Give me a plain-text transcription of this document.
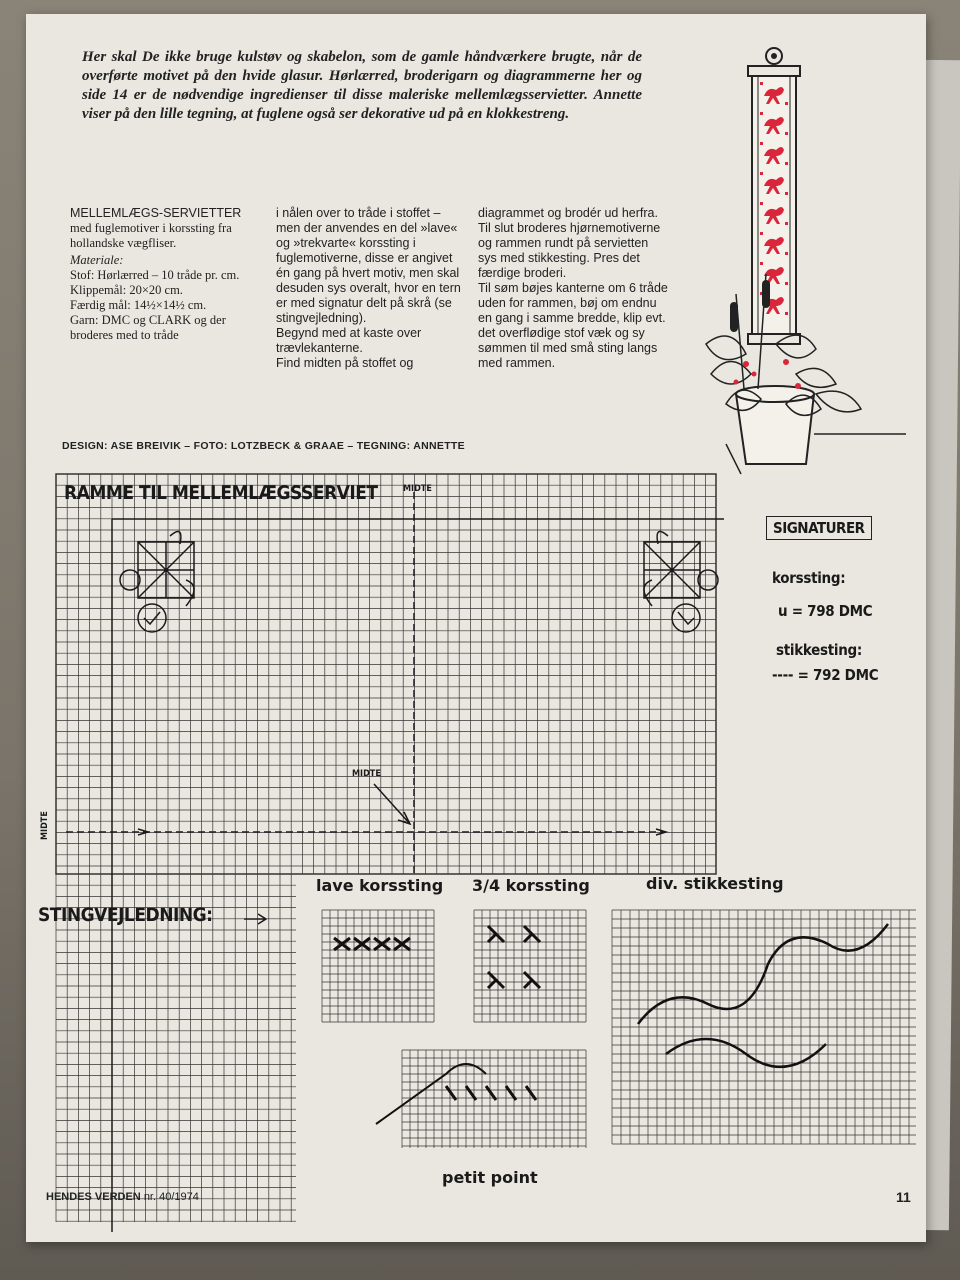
Her skal De ikke bruge kulstøv og skabelon, som de gamle håndværkere brugte, når de overførte motivet på den hvide glasur. Hørlærred, broderigarn og diagrammerne her og side 14 er de nødvendige ingredienser til disse maleriske mellemlægsservietter. Annette viser på den lille tegning, at fuglene også ser dekorative ud på en klokkestreng.

MELLEMLÆGS-SERVIETTER

med fuglemotiver i korssting fra hollandske vægfliser.

Materiale:

Stof: Hørlærred – 10 tråde pr. cm.

Klippemål: 20×20 cm.

Færdig mål: 14½×14½ cm.

Garn: DMC og CLARK og der broderes med to tråde

i nålen over to tråde i stoffet – men der anvendes en del »lave« og »trekvarte« korssting i fuglemotiverne, disse er angivet én gang på hvert motiv, men skal desuden sys overalt, hvor en tern er med signatur delt på skrå (se stingvejledning).

Begynd med at kaste over trævlekanterne.

Find midten på stoffet og

diagrammet og brodér ud herfra. Til slut broderes hjørnemotiverne og rammen rundt på servietten sys med stikkesting. Pres det færdige broderi.

Til søm bøjes kanterne om 6 tråde uden for rammen, bøj om endnu en gang i samme bredde, klip evt. det overflødige stof væk og sy sømmen til med små sting langs med rammen.

DESIGN: ASE BREIVIK – FOTO: LOTZBECK & GRAAE – TEGNING: ANNETTE
RAMME TIL MELLEMLÆGSSERVIET	MIDTE
MIDTE
MIDTE
SIGNATURER
korssting:
u = 798 DMC
stikkesting:
---- = 792 DMC
STINGVEJLEDNING:
lave korssting 3/4 korssting	div. stikkesting
petit point
HENDES VERDEN nr. 40/1974	11
